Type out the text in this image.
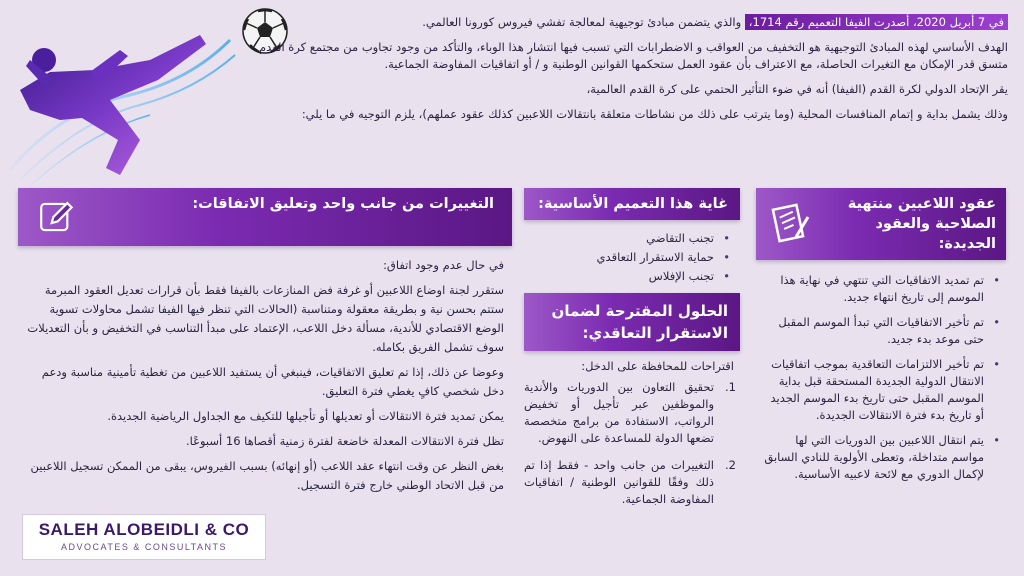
في 7 أبريل 2020، أصدرت الفيفا التعميم رقم 1714، والذي يتضمن مبادئ توجيهية لمعالجة تفشي فيروس كورونا العالمي.

الهدف الأساسي لهذه المبادئ التوجيهية هو التخفيف من العواقب و الاضطرابات التي تسبب فيها انتشار هذا الوباء، والتأكد من وجود تجاوب من مجتمع كرة القدم متسق قدر الإمكان مع التغيرات الحاصلة، مع الاعتراف بأن عقود العمل ستحكمها القوانين الوطنية و / أو اتفاقيات المفاوضة الجماعية.

يقر الإتحاد الدولي لكرة القدم (الفيفا) أنه في ضوء التأثير الحتمي على كرة القدم العالمية،

وذلك يشمل بداية و إتمام المنافسات المحلية (وما يترتب على ذلك من نشاطات متعلقة بانتقالات اللاعبين كذلك عقود عملهم)، يلزم التوجيه في ما يلي:

عقود اللاعبين منتهية الصلاحية والعقود الجديدة:
• تم تمديد الاتفاقيات التي تنتهي في نهاية هذا الموسم إلى تاريخ انتهاء جديد.
• تم تأخير الاتفاقيات التي تبدأ الموسم المقبل حتى موعد بدء جديد.
• تم تأخير الالتزامات التعاقدية بموجب اتفاقيات الانتقال الدولية الجديدة المستحقة قبل بداية الموسم المقبل حتى تاريخ بدء الموسم الجديد أو تاريخ بدء فترة الانتقالات الجديدة.
• يتم انتقال اللاعبين بين الدوريات التي لها مواسم متداخلة، وتعطى الأولوية للنادي السابق لإكمال الدوري مع لائحة لاعبيه الأساسية.
غاية هذا التعميم الأساسية:
• تجنب التقاضي
• حماية الاستقرار التعاقدي
• تجنب الإفلاس
الحلول المقترحة لضمان الاستقرار التعاقدي:

اقتراحات للمحافظة على الدخل:

1.
تحقيق التعاون بين الدوريات والأندية والموظفين عبر تأجيل أو تخفيض الرواتب، الاستفادة من برامج متخصصة تضعها الدولة للمساعدة على النهوض.
2.
التغييرات من جانب واحد - فقط إذا تم ذلك وفقًا للقوانين الوطنية / اتفاقيات المفاوضة الجماعية.
التغييرات من جانب واحد وتعليق الاتفاقات:

في حال عدم وجود اتفاق:

ستقرر لجنة اوضاع اللاعبين أو غرفة فض المنازعات بالفيفا فقط بأن قرارات تعديل العقود المبرمة ستتم بحسن نية و بطريقة معقولة ومتناسبة (الحالات التي تنظر فيها الفيفا تشمل محاولات تسوية الوضع الاقتصادي للأندية، مسألة دخل اللاعب، الإعتماد على مبدأ التناسب في التخفيض و بأن التعديلات سوف تشمل الفريق بكامله.

وعوضا عن ذلك، إذا تم تعليق الاتفاقيات، فينبغي أن يستفيد اللاعبين من تغطية تأمينية مناسبة ودعم دخل شخصي كافٍ يغطي فترة التعليق.

يمكن تمديد فترة الانتقالات أو تعديلها أو تأجيلها للتكيف مع الجداول الرياضية الجديدة.

تظل فترة الانتقالات المعدلة خاضعة لفترة زمنية أقصاها 16 أسبوعًا.

بغض النظر عن وقت انتهاء عقد اللاعب (أو إنهائه) بسبب الفيروس، يبقى من الممكن تسجيل اللاعبين من قبل الاتحاد الوطني خارج فترة التسجيل.

SALEH ALOBEIDLI & CO
ADVOCATES & CONSULTANTS
